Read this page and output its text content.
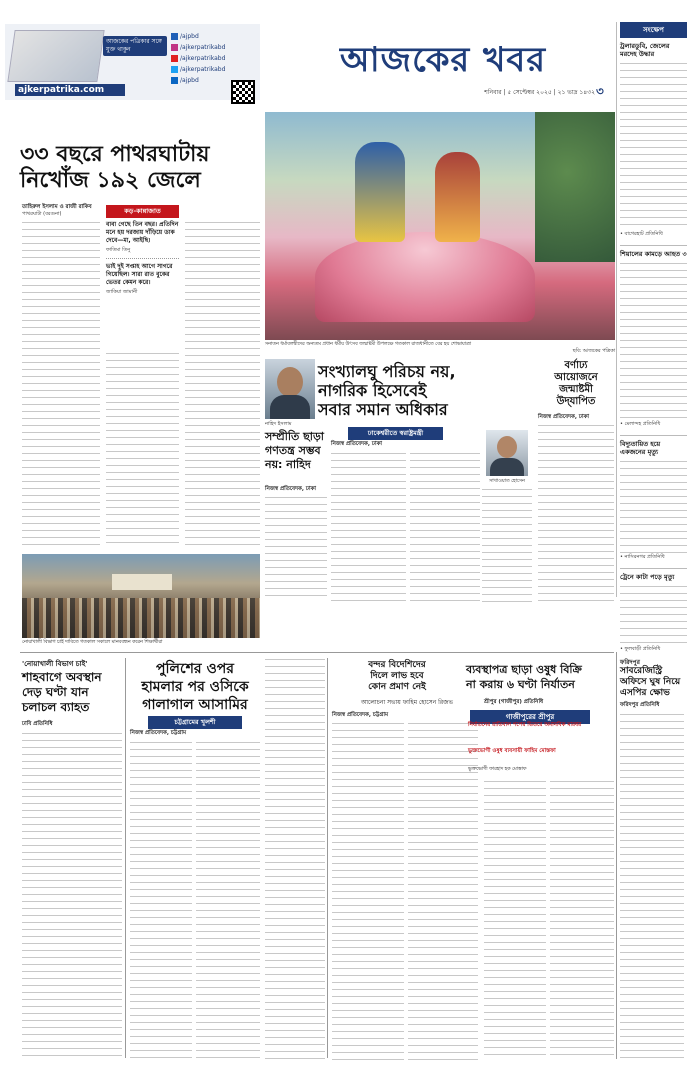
আজকের পত্রিকার সঙ্গে যুক্ত থাকুন
ajkerpatrika.com
/ajpbd
/ajkerpatrikabd
/ajkerpatrikabd
/ajkerpatrikabd
/ajpbd
আজকের খবর
শনিবার | ৫ সেপ্টেম্বর ২০২৫ | ২১ ভাদ্র ১৪৩২ ৩
সংক্ষেপ
ট্রলারডুবি, জেলের মরদেহ উদ্ধার
• বাগেরহাট প্রতিনিধি
শিয়ালের কামড়ে আহত ৩
• মেলান্দহ প্রতিনিধি
বিদ্যুতায়িত হয়ে একজনের মৃত্যু
• নাসিরনগর প্রতিনিধি
ট্রেনে কাটা পড়ে মৃত্যু
• ফুলবাড়ী প্রতিনিধি
৩৩ বছরে পাথরঘাটায়
নিখোঁজ ১৯২ জেলে
তাহিরুল ইসলাম ও রাজী রাকিব
পাথরঘাটা (বরগুনা)	কড়-কান্নাজাত
বাবা গেছে তিন বছর। প্রতিদিন মনে হয় দরজায় দাঁড়িয়ে ডাক দেবে—মা, আইছি।
ফাতিমা তিনু
ভাই দুই সপ্তাহ আগে সাগরে গিয়েছিল। সারা রাত বুকের ভেতর কেমন করে।
জাকিয়া জামানী
সনাতন ধর্মাবলম্বীদের অন্যতম প্রধান ধর্মীয় উৎসব জন্মাষ্টমী উপলক্ষে গতকাল রাজধানীতে বের হয় শোভাযাত্রা
ছবি: আজকের পত্রিকা
নাহিদ ইসলাম
সংখ্যালঘু পরিচয় নয়,
নাগরিক হিসেবেই
সবার সমান অধিকার
ঢাকেশ্বরীতে স্বরাষ্ট্রমন্ত্রী
সাখাওয়াত হোসেন
নিজস্ব প্রতিবেদক, ঢাকা
সম্প্রীতি ছাড়া গণতন্ত্র সম্ভব নয়: নাহিদ
নিজস্ব প্রতিবেদক, ঢাকা
বর্ণাঢ্য
আয়োজনে
জন্মাষ্টমী
উদ্‌যাপিত
নিজস্ব প্রতিবেদক, ঢাকা
নোয়াখালী বিভাগ চাই দাবিতে গতকাল সকালে মানববন্ধন করেন শিক্ষার্থীরা
'নোয়াখালী বিভাগ চাই'
শাহবাগে অবস্থান
দেড় ঘণ্টা যান
চলাচল ব্যাহত
ঢাবি প্রতিনিধি
পুলিশের ওপর
হামলার পর ওসিকে
গালাগাল আসামির
চট্টগ্রামের খুলশী
নিজস্ব প্রতিবেদক, চট্টগ্রাম
বন্দর বিদেশিদের
দিলে লাভ হবে
কোন প্রমাণ নেই
আলোচনা সভায় ফাহিম হোসেন রিজভ
নিজস্ব প্রতিবেদক, চট্টগ্রাম
ব্যবস্থাপত্র ছাড়া ওষুধ বিক্রি
না করায় ৬ ঘণ্টা নির্যাতন
শ্রীপুর (গাজীপুর) প্রতিনিধি
গাজীপুরের শ্রীপুর
নির্যাতনের রাতিবাল শপের ভিতরে অমানবিক মারধর
ভুক্তভোগী ওষুধ ব্যবসায়ী ফাহিম মোস্তফা
ফরিদপুর
সাবরেজিস্ট্রি
অফিসে ঘুষ নিয়ে
এসপির ক্ষোভ
ফরিদপুর প্রতিনিধি
ভুক্তভোগী ফারহাদ হক মোস্তাফ
